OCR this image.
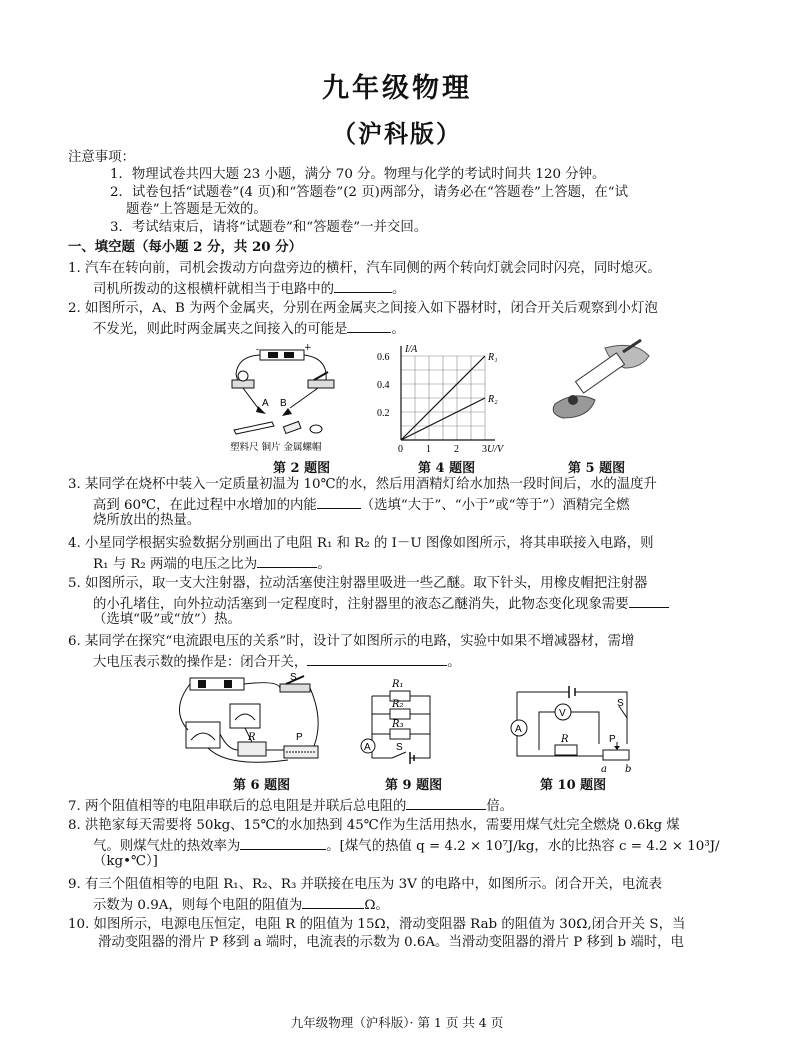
九年级物理
（沪科版）
注意事项：
1．物理试卷共四大题 23 小题，满分 70 分。物理与化学的考试时间共 120 分钟。
2．试卷包括“试题卷”(4 页)和“答题卷”(2 页)两部分，请务必在“答题卷”上答题，在“试
题卷”上答题是无效的。
3．考试结束后，请将“试题卷”和“答题卷”一并交回。
一、填空题（每小题 2 分，共 20 分）
1. 汽车在转向前，司机会拨动方向盘旁边的横杆，汽车同侧的两个转向灯就会同时闪亮，同时熄灭。
司机所拨动的这根横杆就相当于电路中的	。
2. 如图所示，A、B 为两个金属夹，分别在两金属夹之间接入如下器材时，闭合开关后观察到小灯泡
不发光，则此时两金属夹之间接入的可能是	。
-	+
A B
塑料尺 铜片 金属螺帽
第 2 题图
0 1 2 3
0.2
0.4
0.6
I/A
U/V
R₁
R₂
第 4 题图	第 5 题图
3. 某同学在烧杯中装入一定质量初温为 10℃的水，然后用酒精灯给水加热一段时间后，水的温度升
高到 60℃，在此过程中水增加的内能	（选填“大于”、“小于”或“等于”）酒精完全燃
烧所放出的热量。
4. 小星同学根据实验数据分别画出了电阻 R₁ 和 R₂ 的 I－U 图像如图所示，将其串联接入电路，则
R₁ 与 R₂ 两端的电压之比为	。
5. 如图所示，取一支大注射器，拉动活塞使注射器里吸进一些乙醚。取下针头，用橡皮帽把注射器
的小孔堵住，向外拉动活塞到一定程度时，注射器里的液态乙醚消失，此物态变化现象需要
（选填“吸”或“放”）热。
6. 某同学在探究“电流跟电压的关系”时，设计了如图所示的电路，实验中如果不增减器材，需增
大电压表示数的操作是：闭合开关，	。
S
R	P
第 6 题图
R₁
R₂
R₃
A	S
第 9 题图
A
V
R
S
P
a b
第 10 题图
7. 两个阻值相等的电阻串联后的总电阻是并联后总电阻的	倍。
8. 洪艳家每天需要将 50kg、15℃的水加热到 45℃作为生活用热水，需要用煤气灶完全燃烧 0.6kg 煤
气。则煤气灶的热效率为	。[煤气的热值 q = 4.2 × 10⁷J/kg，水的比热容 c = 4.2 × 10³J/
（kg•℃）]
9. 有三个阻值相等的电阻 R₁、R₂、R₃ 并联接在电压为 3V 的电路中，如图所示。闭合开关，电流表
示数为 0.9A，则每个电阻的阻值为	Ω。
10. 如图所示，电源电压恒定，电阻 R 的阻值为 15Ω，滑动变阻器 Rab 的阻值为 30Ω,闭合开关 S，当
滑动变阻器的滑片 P 移到 a 端时，电流表的示数为 0.6A。当滑动变阻器的滑片 P 移到 b 端时，电
九年级物理（沪科版）· 第 1 页 共 4 页
